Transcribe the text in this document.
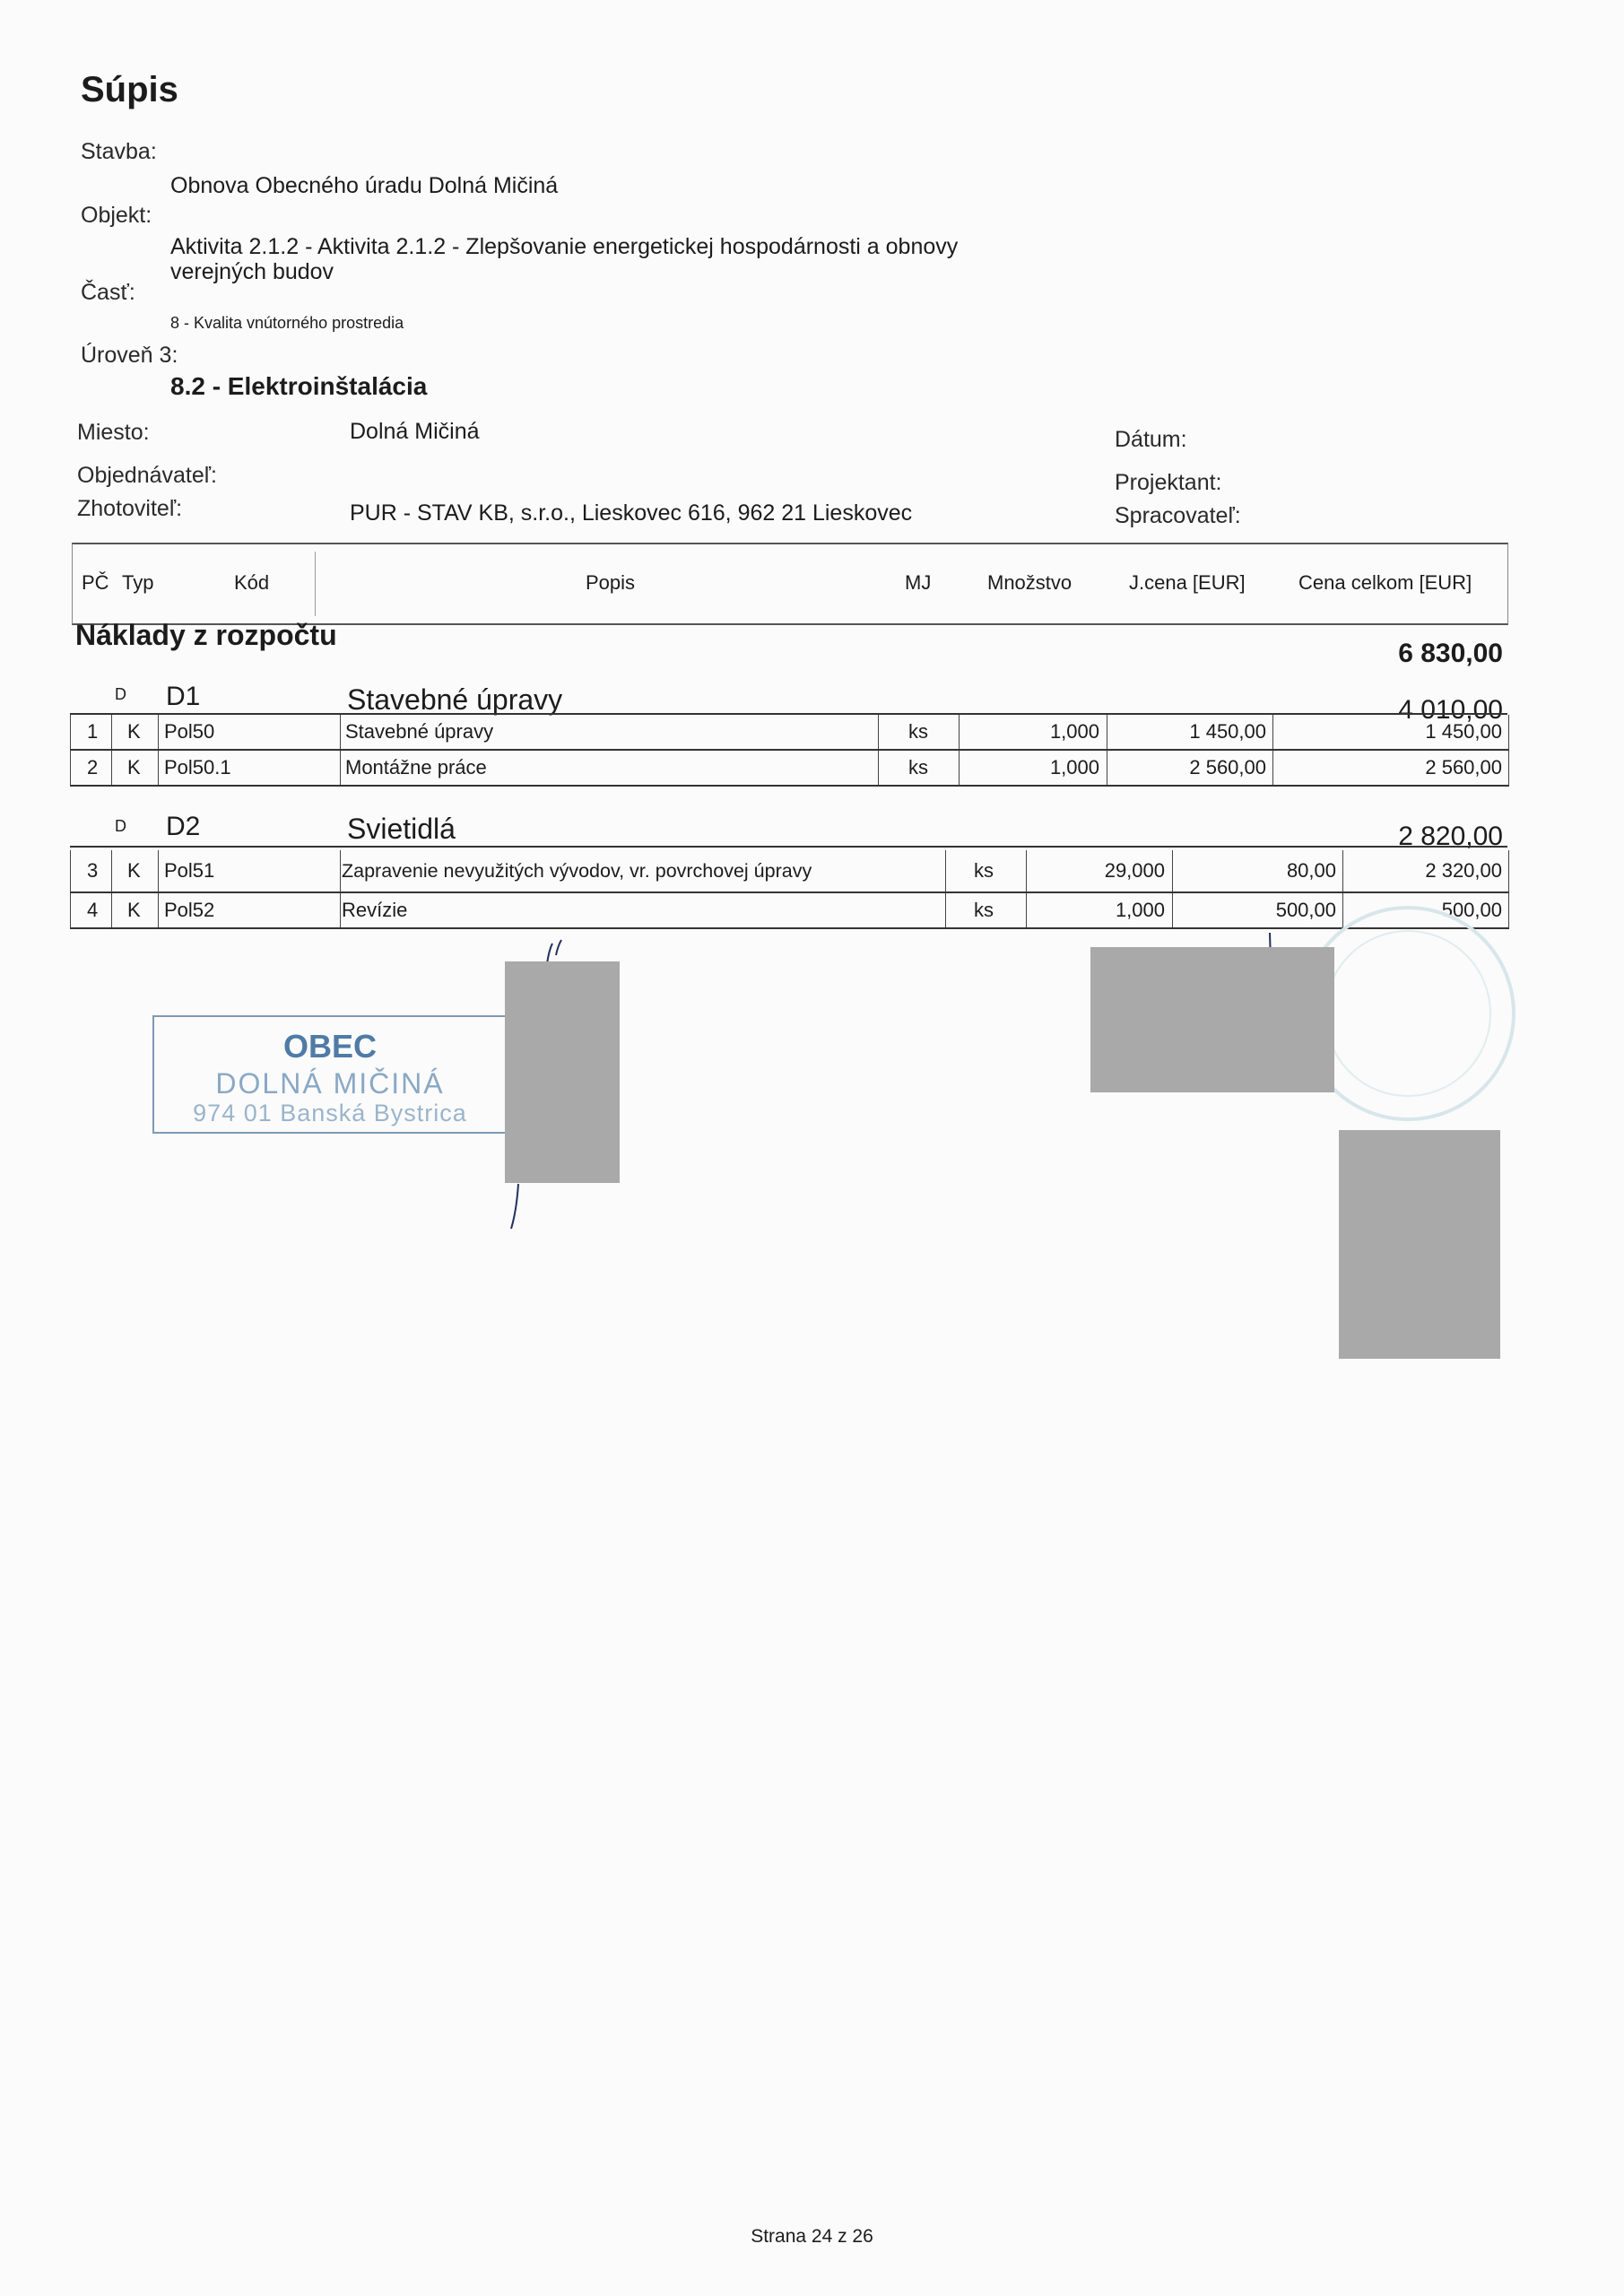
Súpis
Stavba:
Obnova Obecného úradu Dolná Mičiná
Objekt:
Aktivita 2.1.2 - Aktivita 2.1.2 - Zlepšovanie energetickej hospodárnosti a obnovy
verejných budov
Časť:
8 - Kvalita vnútorného prostredia
Úroveň 3:
8.2 - Elektroinštalácia
Miesto:	Dolná Mičiná	Dátum:
Objednávateľ:	Projektant:
Zhotoviteľ:	PUR - STAV KB, s.r.o., Lieskovec 616, 962 21 Lieskovec	Spracovateľ:
PČ Typ	Kód	Popis	MJ	Množstvo	J.cena [EUR]	Cena celkom [EUR]
Náklady z rozpočtu
6 830,00
D D1	Stavebné úpravy	4 010,00
1 K Pol50	Stavebné úpravy	ks	1,000	1 450,00	1 450,00
2 K Pol50.1	Montážne práce	ks	1,000	2 560,00	2 560,00
D D2	Svietidlá	2 820,00
3 K Pol51	Zapravenie nevyužitých vývodov, vr. povrchovej úpravy	ks	29,000	80,00	2 320,00
4 K Pol52	Revízie	ks	1,000	500,00	500,00
OBEC
DOLNÁ MIČINÁ
974 01 Banská Bystrica
Strana 24 z 26
